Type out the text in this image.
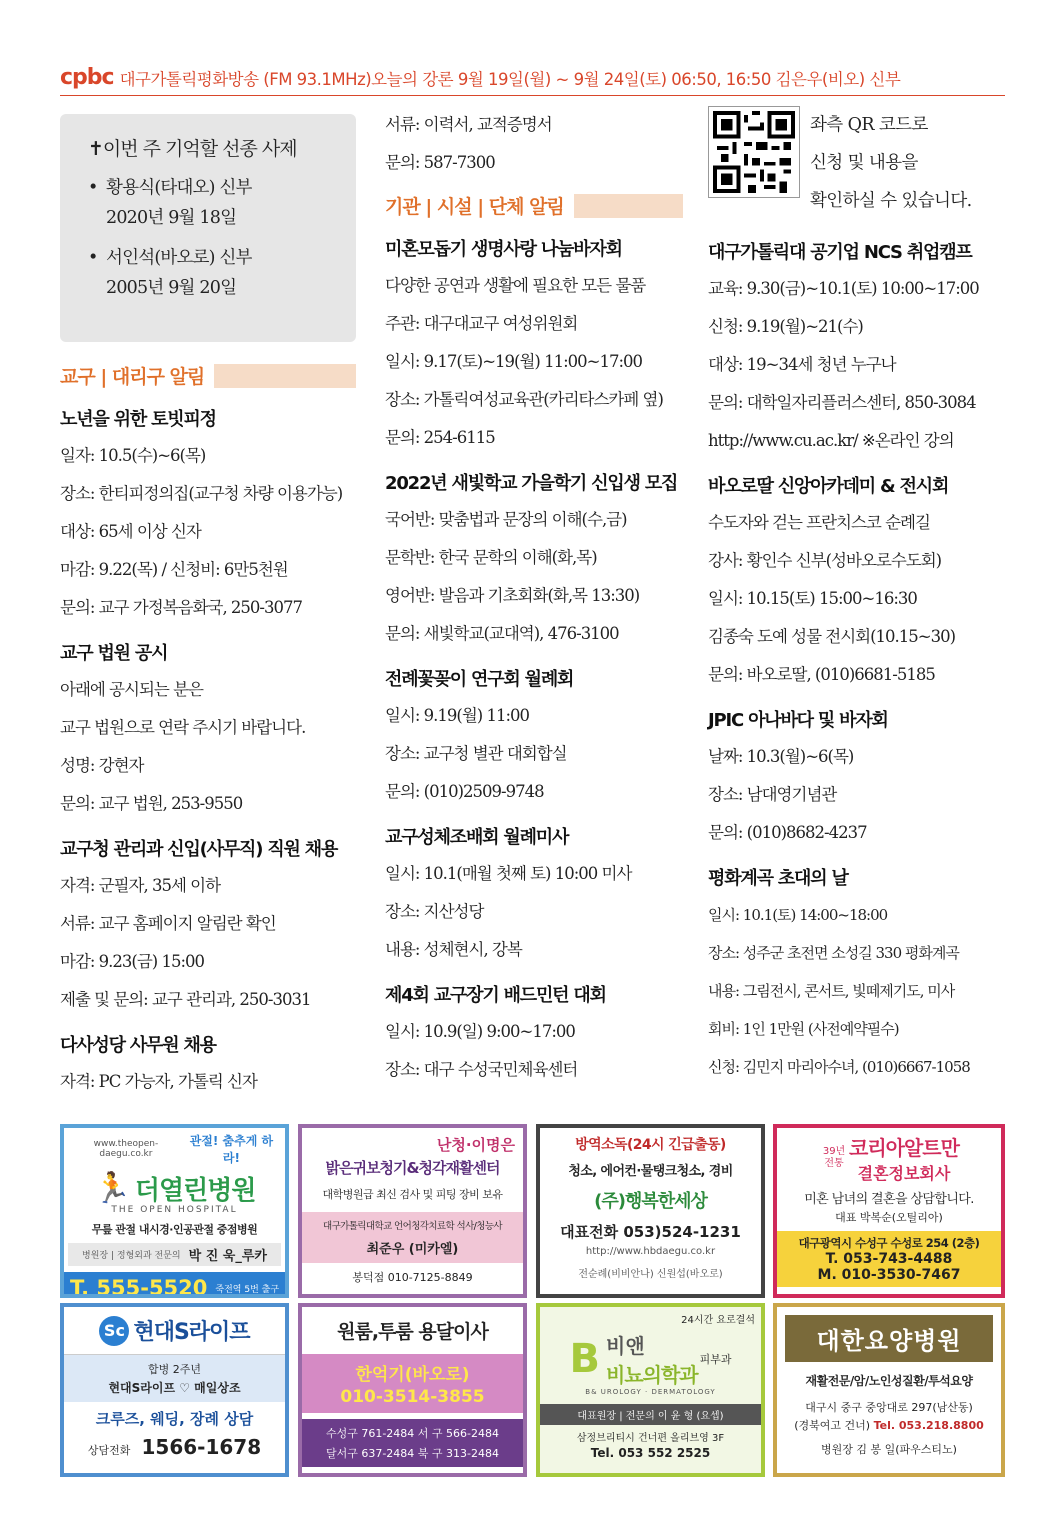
cpbc 대구가톨릭평화방송 (FM 93.1MHz)오늘의 강론 9월 19일(월) ~ 9월 24일(토) 06:50, 16:50 김은우(비오) 신부
✝이번 주 기억할 선종 사제
• 황용식(타대오) 신부
2020년 9월 18일
• 서인석(바오로) 신부
2005년 9월 20일
교구 | 대리구 알림
노년을 위한 토빗피정

일자: 10.5(수)~6(목)

장소: 한티피정의집(교구청 차량 이용가능)

대상: 65세 이상 신자

마감: 9.22(목) / 신청비: 6만5천원

문의: 교구 가정복음화국, 250-3077

교구 법원 공시

아래에 공시되는 분은

교구 법원으로 연락 주시기 바랍니다.

성명: 강현자

문의: 교구 법원, 253-9550

교구청 관리과 신입(사무직) 직원 채용

자격: 군필자, 35세 이하

서류: 교구 홈페이지 알림란 확인

마감: 9.23(금) 15:00

제출 및 문의: 교구 관리과, 250-3031

다사성당 사무원 채용

자격: PC 가능자, 가톨릭 신자

서류: 이력서, 교적증명서

문의: 587-7300

기관 | 시설 | 단체 알림
미혼모돕기 생명사랑 나눔바자회

다양한 공연과 생활에 필요한 모든 물품

주관: 대구대교구 여성위원회

일시: 9.17(토)~19(월) 11:00~17:00

장소: 가톨릭여성교육관(카리타스카페 옆)

문의: 254-6115

2022년 새빛학교 가을학기 신입생 모집

국어반: 맞춤법과 문장의 이해(수,금)

문학반: 한국 문학의 이해(화,목)

영어반: 발음과 기초회화(화,목 13:30)

문의: 새빛학교(교대역), 476-3100

전례꽃꽂이 연구회 월례회

일시: 9.19(월) 11:00

장소: 교구청 별관 대회합실

문의: (010)2509-9748

교구성체조배회 월례미사

일시: 10.1(매월 첫째 토) 10:00 미사

장소: 지산성당

내용: 성체현시, 강복

제4회 교구장기 배드민턴 대회

일시: 10.9(일) 9:00~17:00

장소: 대구 수성국민체육센터

좌측 QR 코드로

신청 및 내용을

확인하실 수 있습니다.

대구가톨릭대 공기업 NCS 취업캠프

교육: 9.30(금)~10.1(토) 10:00~17:00

신청: 9.19(월)~21(수)

대상: 19~34세 청년 누구나

문의: 대학일자리플러스센터, 850-3084

http://www.cu.ac.kr/ ※온라인 강의

바오로딸 신앙아카데미 & 전시회

수도자와 걷는 프란치스코 순례길

강사: 황인수 신부(성바오로수도회)

일시: 10.15(토) 15:00~16:30

김종숙 도예 성물 전시회(10.15~30)

문의: 바오로딸, (010)6681-5185

JPIC 아나바다 및 바자회

날짜: 10.3(월)~6(목)

장소: 남대영기념관

문의: (010)8682-4237

평화계곡 초대의 날

일시: 10.1(토) 14:00~18:00

장소: 성주군 초전면 소성길 330 평화계곡

내용: 그림전시, 콘서트, 빛떼제기도, 미사

회비: 1인 1만원 (사전예약필수)

신청: 김민지 마리아수녀, (010)6667-1058

www.theopen-daegu.co.kr
관절! 춤추게 하라!
🏃 더열린병원
THE OPEN HOSPITAL
무릎 관절 내시경·인공관절 중점병원
병원장 | 정형외과 전문의 박 진 욱_루카
T. 555-5520 죽전역 5번 출구
난청·이명은
밝은귀보청기&청각재활센터
대학병원급 최신 검사 및 피팅 장비 보유
대구가톨릭대학교 언어청각치료학 석사/청능사
최준우 (미카엘)
봉덕점 010-7125-8849
방역소독(24시 긴급출동)
청소, 에어컨·물탱크청소, 경비
(주)행복한세상
대표전화 053)524-1231
http://www.hbdaegu.co.kr
전순례(비비안나) 신원섭(바오로)
39년 전통
코리아알트만
결혼정보회사
미혼 남녀의 결혼을 상담합니다.
대표 박복순(오틸리아)
대구광역시 수성구 수성로 254 (2층)
T. 053-743-4488
M. 010-3530-7467
Sc 현대S라이프
합병 2주년
현대S라이프 ♡ 매일상조
크루즈, 웨딩, 장례 상담
상담전화 1566-1678
원룸,투룸 용달이사
한억기(바오로)
010-3514-3855
수성구 761-2484 서 구 566-2484
달서구 637-2484 북 구 313-2484
24시간 요로결석
B 비앤
비뇨의학과
피부과
B& UROLOGY · DERMATOLOGY
대표원장 | 전문의 이 윤 형 (요셉)
삼정브리티시 건너편 올리브영 3F
Tel. 053 552 2525
대한요양병원
재활전문/암/노인성질환/투석요양
대구시 중구 중앙대로 297(남산동)
(경북여고 건너) Tel. 053.218.8800
병원장 김 봉 일(파우스티노)
